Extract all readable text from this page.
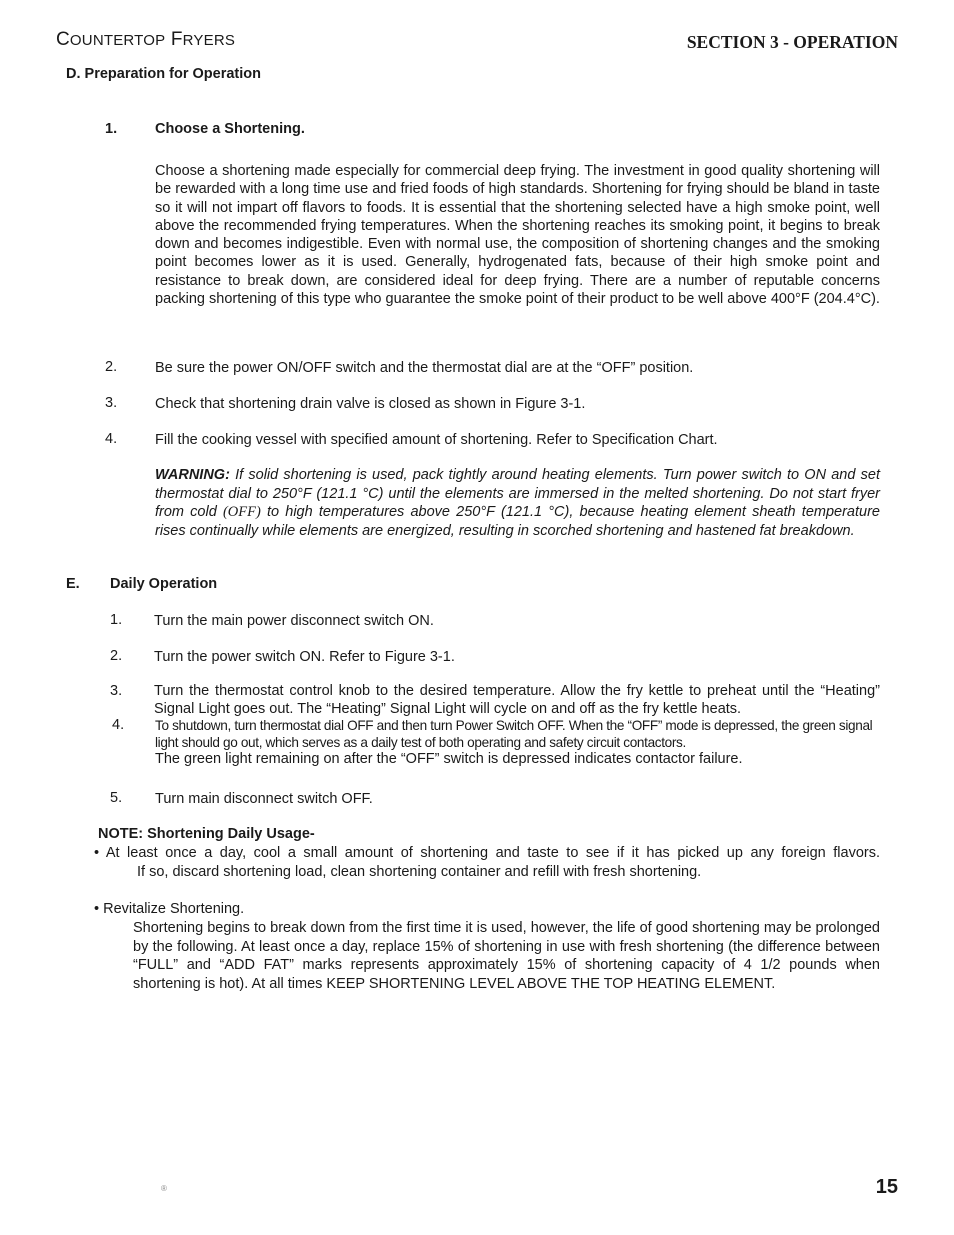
COUNTERTOP FRYERS	SECTION 3 - OPERATION
D. Preparation for Operation
1.	Choose a Shortening.
Choose a shortening made especially for commercial deep frying. The investment in good quality shortening will be rewarded with a long time use and fried foods of high standards. Shortening for frying should be bland in taste so it will not impart off flavors to foods. It is essential that the shortening selected have a high smoke point, well above the recommended frying temperatures. When the shortening reaches its smoking point, it begins to break down and becomes indigestible. Even with normal use, the composition of shortening changes and the smoking point becomes lower as it is used. Generally, hydrogenated fats, because of their high smoke point and resistance to break down, are considered ideal for deep frying. There are a number of reputable concerns packing shortening of this type who guarantee the smoke point of their product to be well above 400°F (204.4°C).
2.	Be sure the power ON/OFF switch and the thermostat dial are at the “OFF” position.
3.	Check that shortening drain valve is closed as shown in Figure 3-1.
4.	Fill the cooking vessel with specified amount of shortening. Refer to Specification Chart.
WARNING: If solid shortening is used, pack tightly around heating elements. Turn power switch to ON and set thermostat dial to 250°F (121.1 °C) until the elements are immersed in the melted shortening. Do not start fryer from cold (OFF) to high temperatures above 250°F (121.1 °C), because heating element sheath temperature rises continually while elements are energized, resulting in scorched shortening and hastened fat breakdown.
E. Daily Operation
1. Turn the main power disconnect switch ON.
2. Turn the power switch ON. Refer to Figure 3-1.
3. Turn the thermostat control knob to the desired temperature. Allow the fry kettle to preheat until the “Heating” Signal Light goes out. The “Heating” Signal Light will cycle on and off as the fry kettle heats.
4. To shutdown, turn thermostat dial OFF and then turn Power Switch OFF. When the “OFF” mode is depressed, the green signal light should go out, which serves as a daily test of both operating and safety circuit contactors.
The green light remaining on after the “OFF” switch is depressed indicates contactor failure.
5. Turn main disconnect switch OFF.
NOTE: Shortening Daily Usage-
• At least once a day, cool a small amount of shortening and taste to see if it has picked up any foreign flavors.
If so, discard shortening load, clean shortening container and refill with fresh shortening.
• Revitalize Shortening.
Shortening begins to break down from the first time it is used, however, the life of good shortening may be prolonged by the following. At least once a day, replace 15% of shortening in use with fresh shortening (the difference between “FULL” and “ADD FAT” marks represents approximately 15% of shortening capacity of 4 1/2 pounds when shortening is hot). At all times KEEP SHORTENING LEVEL ABOVE THE TOP HEATING ELEMENT.
®	15
